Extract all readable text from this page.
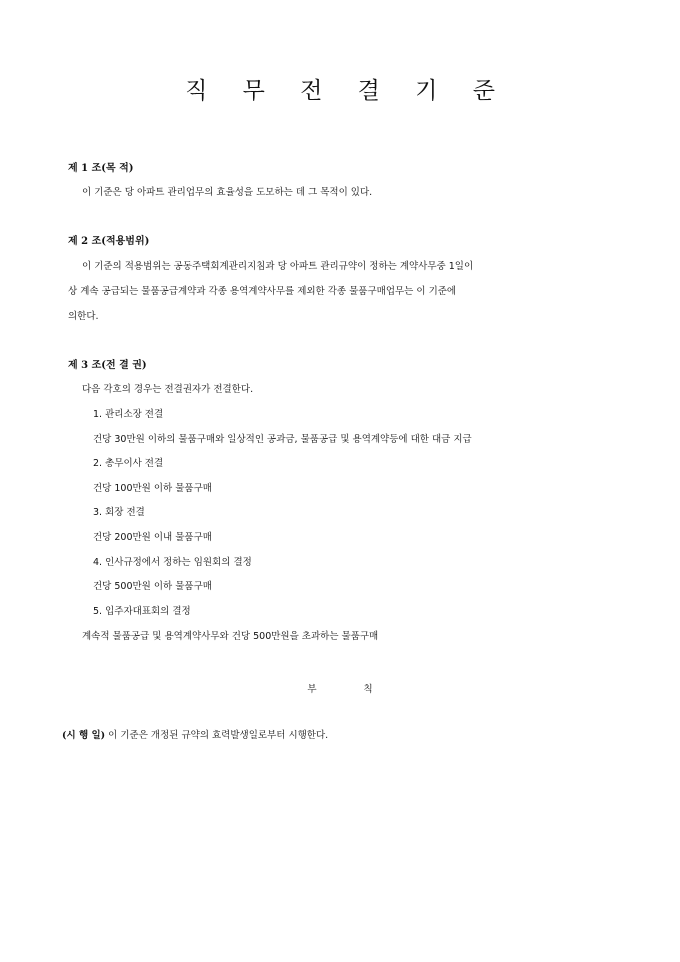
직 무 전 결 기 준
제 1 조(목 적)
이 기준은 당 아파트 관리업무의 효율성을 도모하는 데 그 목적이 있다.
제 2 조(적용범위)
이 기준의 적용범위는 공동주택회계관리지침과 당 아파트 관리규약이 정하는 계약사무중 1일이
상 계속 공급되는 물품공급계약과 각종 용역계약사무를 제외한 각종 물품구매업무는 이 기준에
의한다.
제 3 조(전 결 권)
다음 각호의 경우는 전결권자가 전결한다.
1. 관리소장 전결
건당 30만원 이하의 물품구매와 일상적인 공과금, 물품공급 및 용역계약등에 대한 대금 지급
2. 총무이사 전결
건당 100만원 이하 물품구매
3. 회장 전결
건당 200만원 이내 물품구매
4. 인사규정에서 정하는 임원회의 결정
건당 500만원 이하 물품구매
5. 입주자대표회의 결정
계속적 물품공급 및 용역계약사무와 건당 500만원을 초과하는 물품구매
부 칙
(시 행 일) 이 기준은 개정된 규약의 효력발생일로부터 시행한다.
